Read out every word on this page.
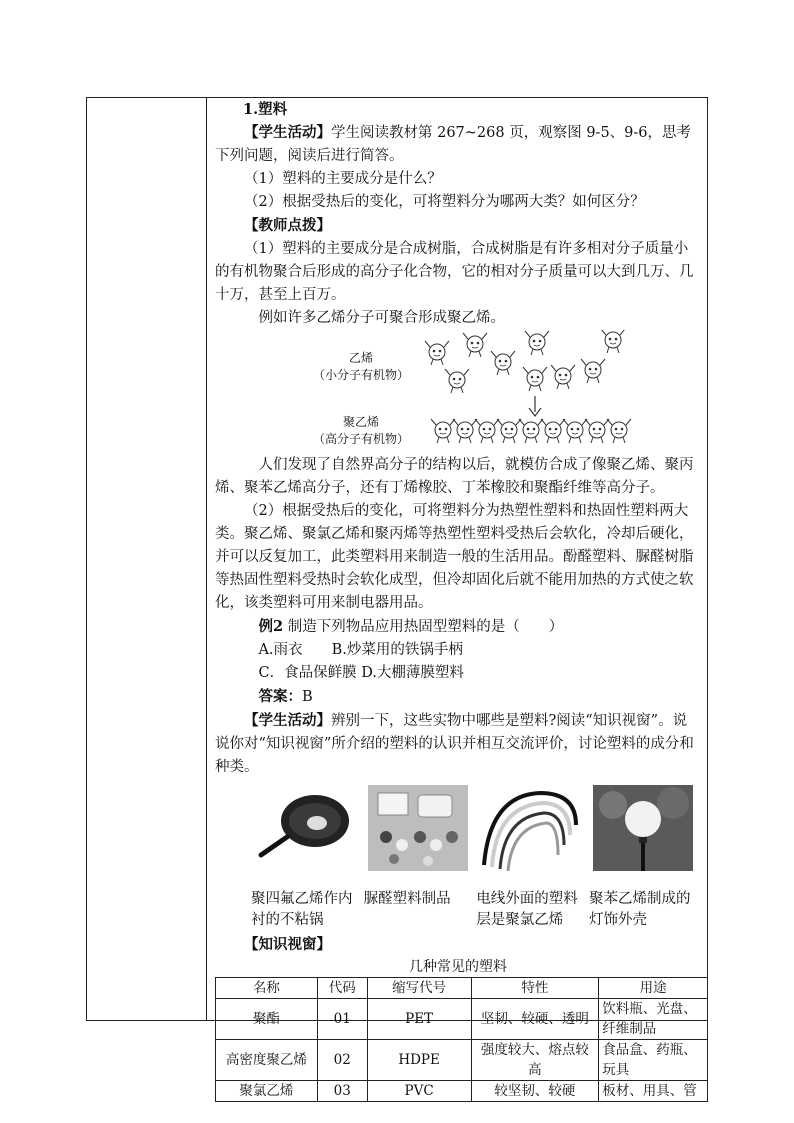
1.塑料

【学生活动】学生阅读教材第 267~268 页，观察图 9-5、9-6，思考下列问题，阅读后进行简答。

（1）塑料的主要成分是什么？

（2）根据受热后的变化，可将塑料分为哪两大类？如何区分？

【教师点拨】

（1）塑料的主要成分是合成树脂，合成树脂是有许多相对分子质量小的有机物聚合后形成的高分子化合物，它的相对分子质量可以大到几万、几十万，甚至上百万。

例如许多乙烯分子可聚合形成聚乙烯。

乙烯
（小分子有机物）
聚乙烯
（高分子有机物）

人们发现了自然界高分子的结构以后，就模仿合成了像聚乙烯、聚丙烯、聚苯乙烯高分子，还有丁烯橡胶、丁苯橡胶和聚酯纤维等高分子。

（2）根据受热后的变化，可将塑料分为热塑性塑料和热固性塑料两大类。聚乙烯、聚氯乙烯和聚丙烯等热塑性塑料受热后会软化，冷却后硬化，并可以反复加工，此类塑料用来制造一般的生活用品。酚醛塑料、脲醛树脂等热固性塑料受热时会软化成型，但冷却固化后就不能用加热的方式使之软化，该类塑料可用来制电器用品。

例2 制造下列物品应用热固型塑料的是（　　）

A.雨衣　　B.炒菜用的铁锅手柄

C．食品保鲜膜 D.大棚薄膜塑料

答案：B

【学生活动】辨别一下，这些实物中哪些是塑料?阅读“知识视窗”。说说你对“知识视窗”所介绍的塑料的认识并相互交流评价，讨论塑料的成分和种类。

聚四氟乙烯作内衬的不粘锅
脲醛塑料制品	电线外面的塑料层是聚氯乙烯
聚苯乙烯制成的灯饰外壳

【知识视窗】

几种常见的塑料

名称	代码	缩写代号	特性	用途
聚酯	01	PET	坚韧、较硬、透明	饮料瓶、光盘、纤维制品
高密度聚乙烯	02	HDPE	强度较大、熔点较高	食品盒、药瓶、玩具
聚氯乙烯	03	PVC	较坚韧、较硬	板材、用具、管
